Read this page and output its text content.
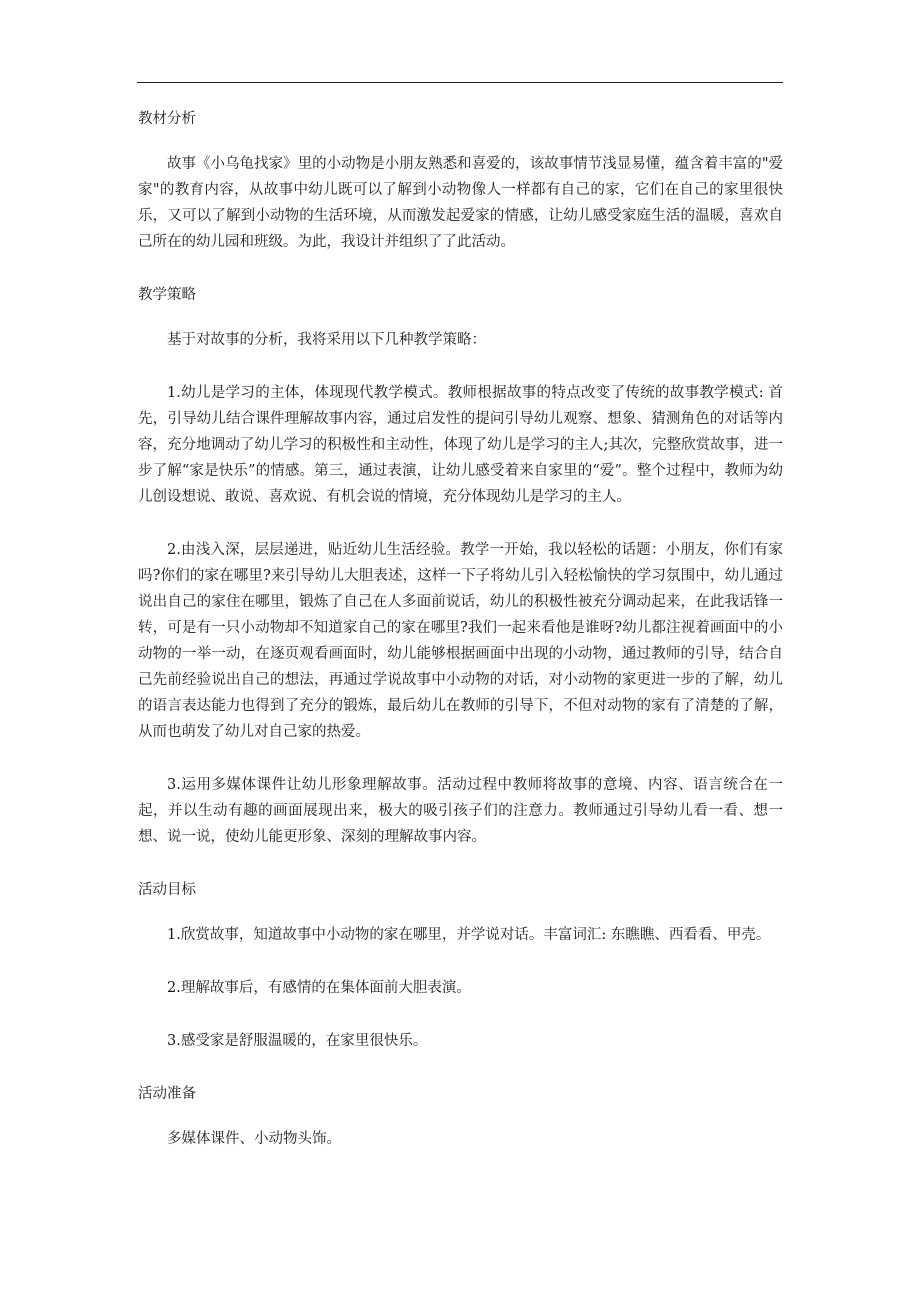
教材分析

故事《小乌龟找家》里的小动物是小朋友熟悉和喜爱的，该故事情节浅显易懂，蕴含着丰富的"爱家"的教育内容，从故事中幼儿既可以了解到小动物像人一样都有自己的家，它们在自己的家里很快乐，又可以了解到小动物的生活环境，从而激发起爱家的情感，让幼儿感受家庭生活的温暖，喜欢自己所在的幼儿园和班级。为此，我设计并组织了了此活动。

教学策略

基于对故事的分析，我将采用以下几种教学策略：

1.幼儿是学习的主体，体现现代教学模式。教师根据故事的特点改变了传统的故事教学模式: 首先，引导幼儿结合课件理解故事内容，通过启发性的提问引导幼儿观察、想象、猜测角色的对话等内容，充分地调动了幼儿学习的积极性和主动性，体现了幼儿是学习的主人;其次，完整欣赏故事，进一步了解“家是快乐”的情感。第三，通过表演，让幼儿感受着来自家里的“爱”。整个过程中，教师为幼儿创设想说、敢说、喜欢说、有机会说的情境，充分体现幼儿是学习的主人。

2.由浅入深，层层递进，贴近幼儿生活经验。教学一开始，我以轻松的话题：小朋友，你们有家吗?你们的家在哪里?来引导幼儿大胆表述，这样一下子将幼儿引入轻松愉快的学习氛围中，幼儿通过说出自己的家住在哪里，锻炼了自己在人多面前说话，幼儿的积极性被充分调动起来，在此我话锋一转，可是有一只小动物却不知道家自己的家在哪里?我们一起来看他是谁呀?幼儿都注视着画面中的小动物的一举一动，在逐页观看画面时，幼儿能够根据画面中出现的小动物，通过教师的引导，结合自己先前经验说出自己的想法，再通过学说故事中小动物的对话，对小动物的家更进一步的了解，幼儿的语言表达能力也得到了充分的锻炼，最后幼儿在教师的引导下，不但对动物的家有了清楚的了解，从而也萌发了幼儿对自己家的热爱。

3.运用多媒体课件让幼儿形象理解故事。活动过程中教师将故事的意境、内容、语言统合在一起，并以生动有趣的画面展现出来，极大的吸引孩子们的注意力。教师通过引导幼儿看一看、想一想、说一说，使幼儿能更形象、深刻的理解故事内容。

活动目标

1.欣赏故事，知道故事中小动物的家在哪里，并学说对话。丰富词汇: 东瞧瞧、西看看、甲壳。

2.理解故事后，有感情的在集体面前大胆表演。

3.感受家是舒服温暖的，在家里很快乐。

活动准备

多媒体课件、小动物头饰。
